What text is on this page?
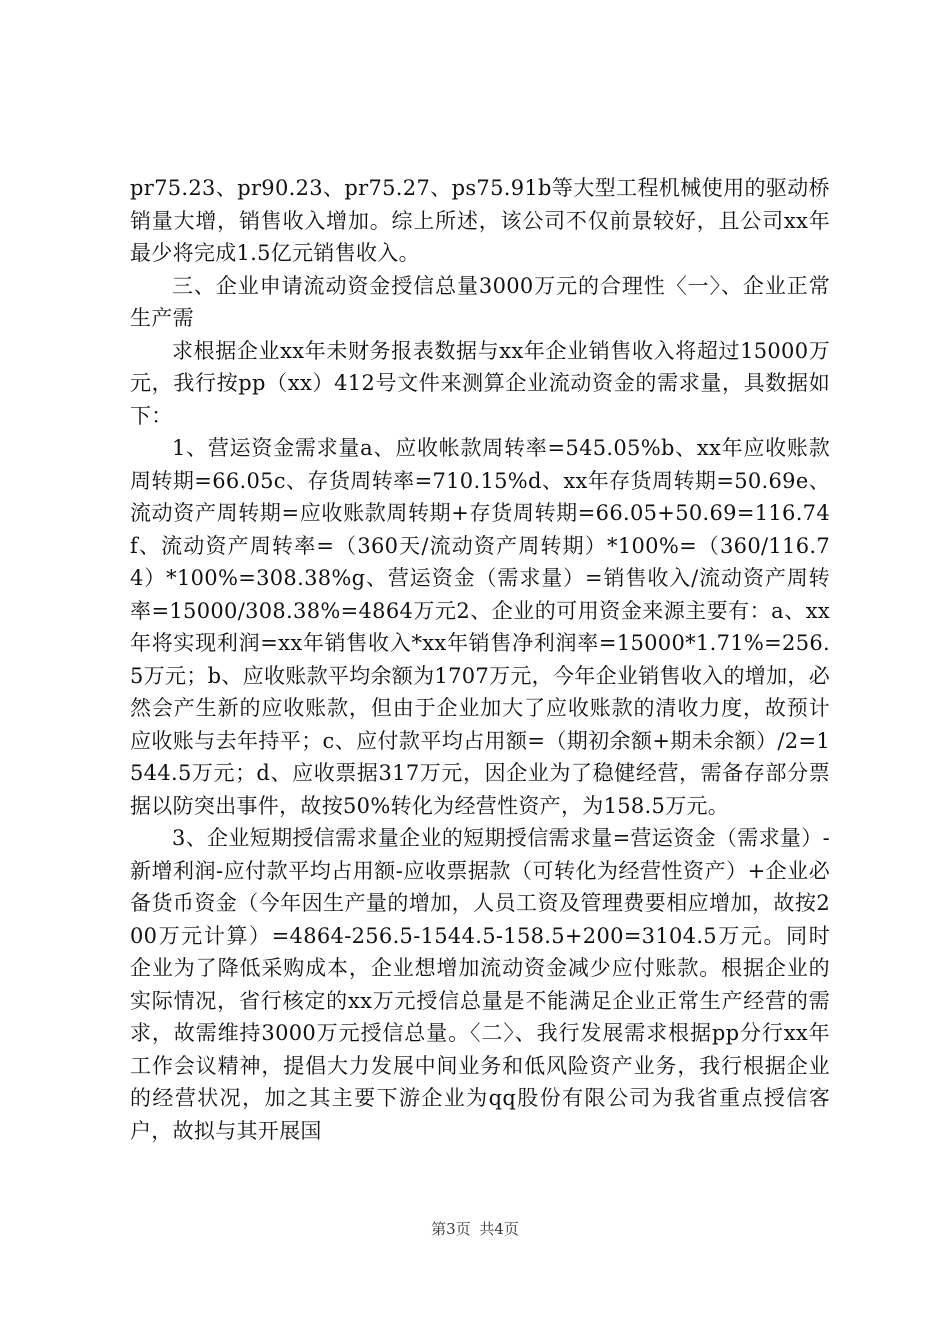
pr75.23、pr90.23、pr75.27、ps75.91b等大型工程机械使用的驱动桥销量大增，销售收入增加。综上所述，该公司不仅前景较好，且公司xx年最少将完成1.5亿元销售收入。

三、企业申请流动资金授信总量3000万元的合理性〈一〉、企业正常生产需

求根据企业xx年未财务报表数据与xx年企业销售收入将超过15000万元，我行按pp（xx）412号文件来测算企业流动资金的需求量，具数据如下：

1、营运资金需求量a、应收帐款周转率=545.05%b、xx年应收账款周转期=66.05c、存货周转率=710.15%d、xx年存货周转期=50.69e、流动资产周转期=应收账款周转期+存货周转期=66.05+50.69=116.74f、流动资产周转率=（360天/流动资产周转期）*100%=（360/116.74）*100%=308.38%g、营运资金（需求量）=销售收入/流动资产周转率=15000/308.38%=4864万元2、企业的可用资金来源主要有：a、xx年将实现利润=xx年销售收入*xx年销售净利润率=15000*1.71%=256.5万元；b、应收账款平均余额为1707万元，今年企业销售收入的增加，必然会产生新的应收账款，但由于企业加大了应收账款的清收力度，故预计应收账与去年持平；c、应付款平均占用额=（期初余额+期未余额）/2=1544.5万元；d、应收票据317万元，因企业为了稳健经营，需备存部分票据以防突出事件，故按50%转化为经营性资产，为158.5万元。

3、企业短期授信需求量企业的短期授信需求量=营运资金（需求量）-新增利润-应付款平均占用额-应收票据款（可转化为经营性资产）+企业必备货币资金（今年因生产量的增加，人员工资及管理费要相应增加，故按200万元计算）=4864-256.5-1544.5-158.5+200=3104.5万元。同时企业为了降低采购成本，企业想增加流动资金减少应付账款。根据企业的实际情况，省行核定的xx万元授信总量是不能满足企业正常生产经营的需求，故需维持3000万元授信总量。〈二〉、我行发展需求根据pp分行xx年工作会议精神，提倡大力发展中间业务和低风险资产业务，我行根据企业的经营状况，加之其主要下游企业为qq股份有限公司为我省重点授信客户，故拟与其开展国

第3页 共4页
